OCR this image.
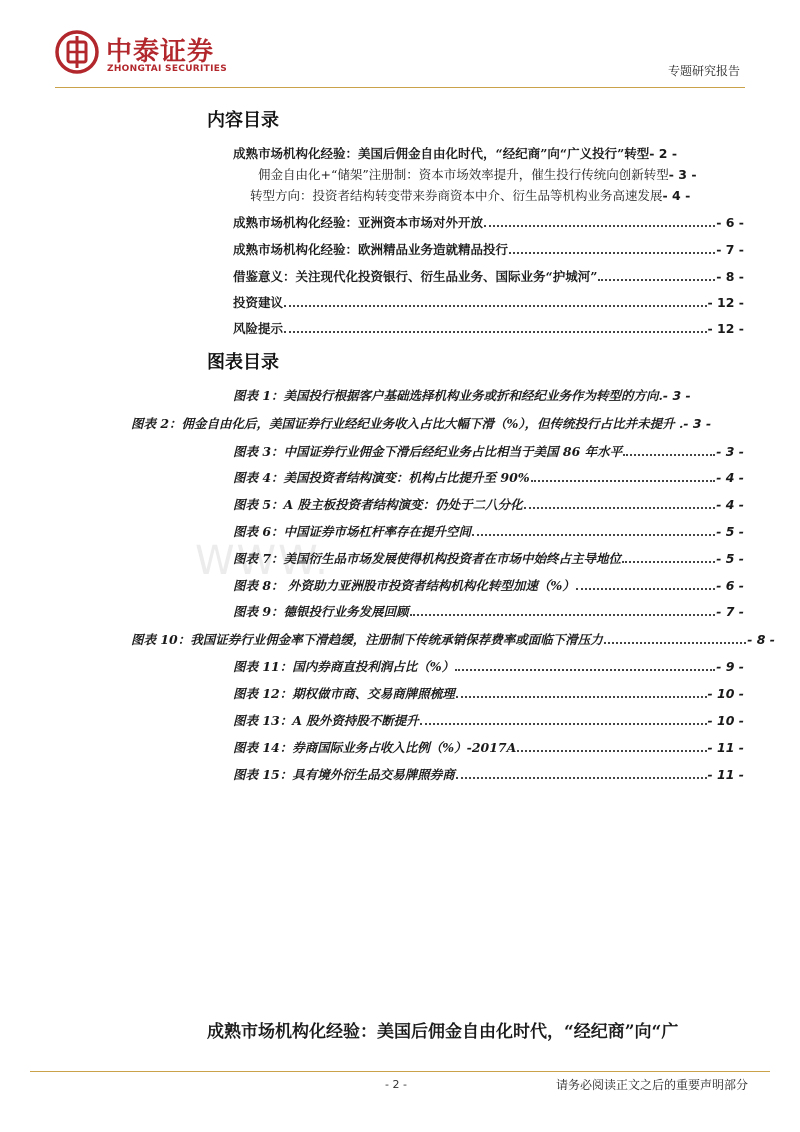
中泰证券
ZHONGTAI SECURITIES	专题研究报告
WWW.
内容目录
成熟市场机构化经验：美国后佣金自由化时代，“经纪商”向“广义投行”转型 - 2 -
佣金自由化+“储架”注册制：资本市场效率提升，催生投行传统向创新转型 - 3 -
转型方向：投资者结构转变带来券商资本中介、衍生品等机构业务高速发展 - 4 -
成熟市场机构化经验：亚洲资本市场对外开放	- 6 -
成熟市场机构化经验：欧洲精品业务造就精品投行	- 7 -
借鉴意义：关注现代化投资银行、衍生品业务、国际业务“护城河”	- 8 -
投资建议	- 12 -
风险提示	- 12 -
图表目录
图表 1：美国投行根据客户基础选择机构业务或折和经纪业务作为转型的方向. - 3 -
图表 2：佣金自由化后，美国证券行业经纪业务收入占比大幅下滑（%），但传统投行占比并未提升 . - 3 -
图表 3：中国证券行业佣金下滑后经纪业务占比相当于美国 86 年水平	- 3 -
图表 4：美国投资者结构演变：机构占比提升至 90%	- 4 -
图表 5：A 股主板投资者结构演变：仍处于二八分化	- 4 -
图表 6：中国证券市场杠杆率存在提升空间	- 5 -
图表 7：美国衍生品市场发展使得机构投资者在市场中始终占主导地位	- 5 -
图表 8： 外资助力亚洲股市投资者结构机构化转型加速（%）	- 6 -
图表 9：德银投行业务发展回顾	- 7 -
图表 10：我国证券行业佣金率下滑趋缓，注册制下传统承销保荐费率或面临下滑压力	- 8 -
图表 11：国内券商直投利润占比（%）	- 9 -
图表 12：期权做市商、交易商牌照梳理	- 10 -
图表 13：A 股外资持股不断提升	- 10 -
图表 14：券商国际业务占收入比例（%）-2017A	- 11 -
图表 15：具有境外衍生品交易牌照券商	- 11 -
成熟市场机构化经验：美国后佣金自由化时代，“经纪商”向“广
- 2 -	请务必阅读正文之后的重要声明部分
